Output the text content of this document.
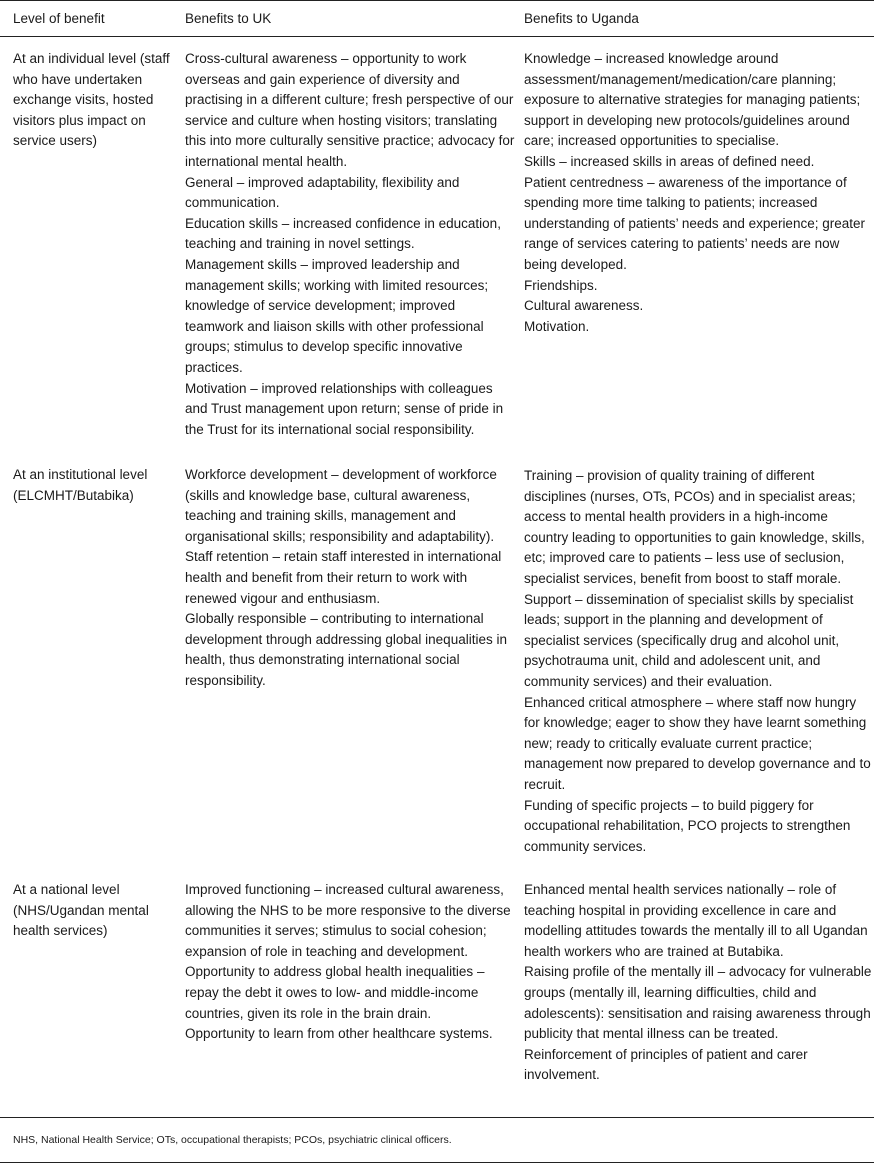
Level of benefit	Benefits to UK	Benefits to Uganda
At an individual level (staff who have undertaken exchange visits, hosted visitors plus impact on service users)

Cross-cultural awareness – opportunity to work overseas and gain experience of diversity and practising in a different culture; fresh perspective of our service and culture when hosting visitors; translating this into more culturally sensitive practice; advocacy for international mental health.

General – improved adaptability, flexibility and communication.

Education skills – increased confidence in education, teaching and training in novel settings.

Management skills – improved leadership and management skills; working with limited resources; knowledge of service development; improved teamwork and liaison skills with other professional groups; stimulus to develop specific innovative practices.

Motivation – improved relationships with colleagues and Trust management upon return; sense of pride in the Trust for its international social responsibility.

Knowledge – increased knowledge around assessment/management/medication/care planning; exposure to alternative strategies for managing patients; support in developing new protocols/guidelines around care; increased opportunities to specialise.

Skills – increased skills in areas of defined need.

Patient centredness – awareness of the importance of spending more time talking to patients; increased understanding of patients’ needs and experience; greater range of services catering to patients’ needs are now being developed.

Friendships.

Cultural awareness.

Motivation.

At an institutional level (ELCMHT/Butabika)

Workforce development – development of workforce (skills and knowledge base, cultural awareness, teaching and training skills, management and organisational skills; responsibility and adaptability).

Staff retention – retain staff interested in international health and benefit from their return to work with renewed vigour and enthusiasm.

Globally responsible – contributing to international development through addressing global inequalities in health, thus demonstrating international social responsibility.

Training – provision of quality training of different disciplines (nurses, OTs, PCOs) and in specialist areas; access to mental health providers in a high-income country leading to opportunities to gain knowledge, skills, etc; improved care to patients – less use of seclusion, specialist services, benefit from boost to staff morale.

Support – dissemination of specialist skills by specialist leads; support in the planning and development of specialist services (specifically drug and alcohol unit, psychotrauma unit, child and adolescent unit, and community services) and their evaluation.

Enhanced critical atmosphere – where staff now hungry for knowledge; eager to show they have learnt something new; ready to critically evaluate current practice; management now prepared to develop governance and to recruit.

Funding of specific projects – to build piggery for occupational rehabilitation, PCO projects to strengthen community services.

At a national level (NHS/Ugandan mental health services)

Improved functioning – increased cultural awareness, allowing the NHS to be more responsive to the diverse communities it serves; stimulus to social cohesion; expansion of role in teaching and development.

Opportunity to address global health inequalities – repay the debt it owes to low- and middle-income countries, given its role in the brain drain.

Opportunity to learn from other healthcare systems.

Enhanced mental health services nationally – role of teaching hospital in providing excellence in care and modelling attitudes towards the mentally ill to all Ugandan health workers who are trained at Butabika.

Raising profile of the mentally ill – advocacy for vulnerable groups (mentally ill, learning difficulties, child and adolescents): sensitisation and raising awareness through publicity that mental illness can be treated.

Reinforcement of principles of patient and carer involvement.

NHS, National Health Service; OTs, occupational therapists; PCOs, psychiatric clinical officers.
